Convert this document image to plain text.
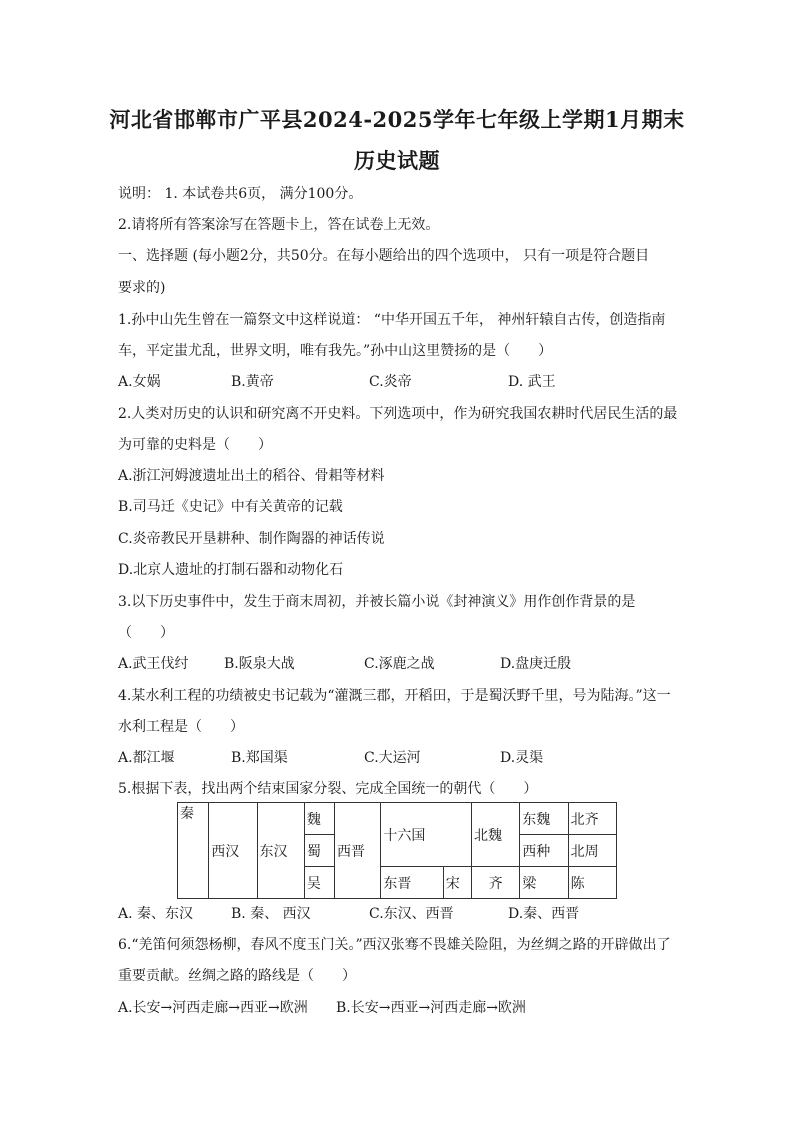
河北省邯郸市广平县2024-2025学年七年级上学期1月期末
历史试题
说明： 1. 本试卷共6页， 满分100分。
2.请将所有答案涂写在答题卡上，答在试卷上无效。
一、选择题 (每小题2分，共50分。在每小题给出的四个选项中， 只有一项是符合题目
要求的)
1.孙中山先生曾在一篇祭文中这样说道： “中华开国五千年， 神州轩辕自古传，创造指南
车，平定蚩尤乱，世界文明，唯有我先。”孙中山这里赞扬的是（　　）
A.女娲	B.黄帝	C.炎帝	D. 武王
2.人类对历史的认识和研究离不开史料。下列选项中，作为研究我国农耕时代居民生活的最
为可靠的史料是（　　）
A.浙江河姆渡遗址出土的稻谷、骨耜等材料
B.司马迁《史记》中有关黄帝的记载
C.炎帝教民开垦耕种、制作陶器的神话传说
D.北京人遗址的打制石器和动物化石
3.以下历史事件中，发生于商末周初，并被长篇小说《封神演义》用作创作背景的是
（　　）
A.武王伐纣	B.阪泉大战	C.涿鹿之战	D.盘庚迁殷
4.某水利工程的功绩被史书记载为“灌溉三郡，开稻田，于是蜀沃野千里，号为陆海。”这一
水利工程是（　　）
A.都江堰	B.郑国渠	C.大运河	D.灵渠
5.根据下表，找出两个结束国家分裂、完成全国统一的朝代（　　）
秦	西汉	东汉	魏	西晋	十六国		北魏	东魏	北齐
			蜀					西种	北周
			吴		东晋	宋	齐	梁	陈
A. 秦、东汉	B. 秦、 西汉	C.东汉、西晋	D.秦、西晋
6.“羌笛何须怨杨柳，春风不度玉门关。”西汉张骞不畏雄关险阻，为丝绸之路的开辟做出了
重要贡献。丝绸之路的路线是（　　）
A.长安→河西走廊→西亚→欧洲 B.长安→西亚→河西走廊→欧洲
